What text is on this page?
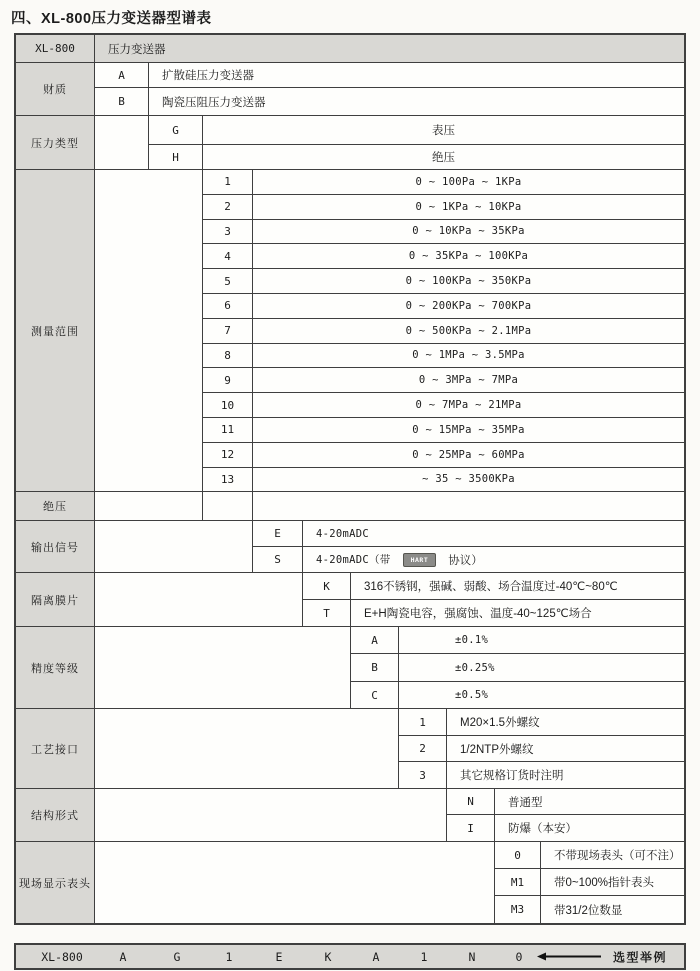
四、XL-800压力变送器型谱表
XL-800	压力变送器
财质
A	扩散硅压力变送器
B	陶瓷压阻压力变送器
压力类型
G	表压
H	绝压
测量范围
1	0 ~ 100Pa ~ 1KPa
2	0 ~ 1KPa ~ 10KPa
3	0 ~ 10KPa ~ 35KPa
4	0 ~ 35KPa ~ 100KPa
5	0 ~ 100KPa ~ 350KPa
6	0 ~ 200KPa ~ 700KPa
7	0 ~ 500KPa ~ 2.1MPa
8	0 ~ 1MPa ~ 3.5MPa
9	0 ~ 3MPa ~ 7MPa
10	0 ~ 7MPa ~ 21MPa
11	0 ~ 15MPa ~ 35MPa
12	0 ~ 25MPa ~ 60MPa
13	~ 35 ~ 3500KPa
绝压
输出信号
E	4-20mADC
S	4-20mADC（带	HART	协议）
隔离膜片
K	316不锈钢，强碱、弱酸、场合温度过-40℃~80℃
T	E+H陶瓷电容，强腐蚀、温度-40~125℃场合
精度等级
A	±0.1%
B	±0.25%
C	±0.5%
工艺接口
1	M20×1.5外螺纹
2	1/2NTP外螺纹
3	其它规格订货时注明
结构形式
N	普通型
I	防爆（本安）
现场显示表头
0	不带现场表头（可不注）
M1	带0~100%指针表头
M3	带31/2位数显
XL-800	A	G	1	E	K	A	1	N	0	选型举例
